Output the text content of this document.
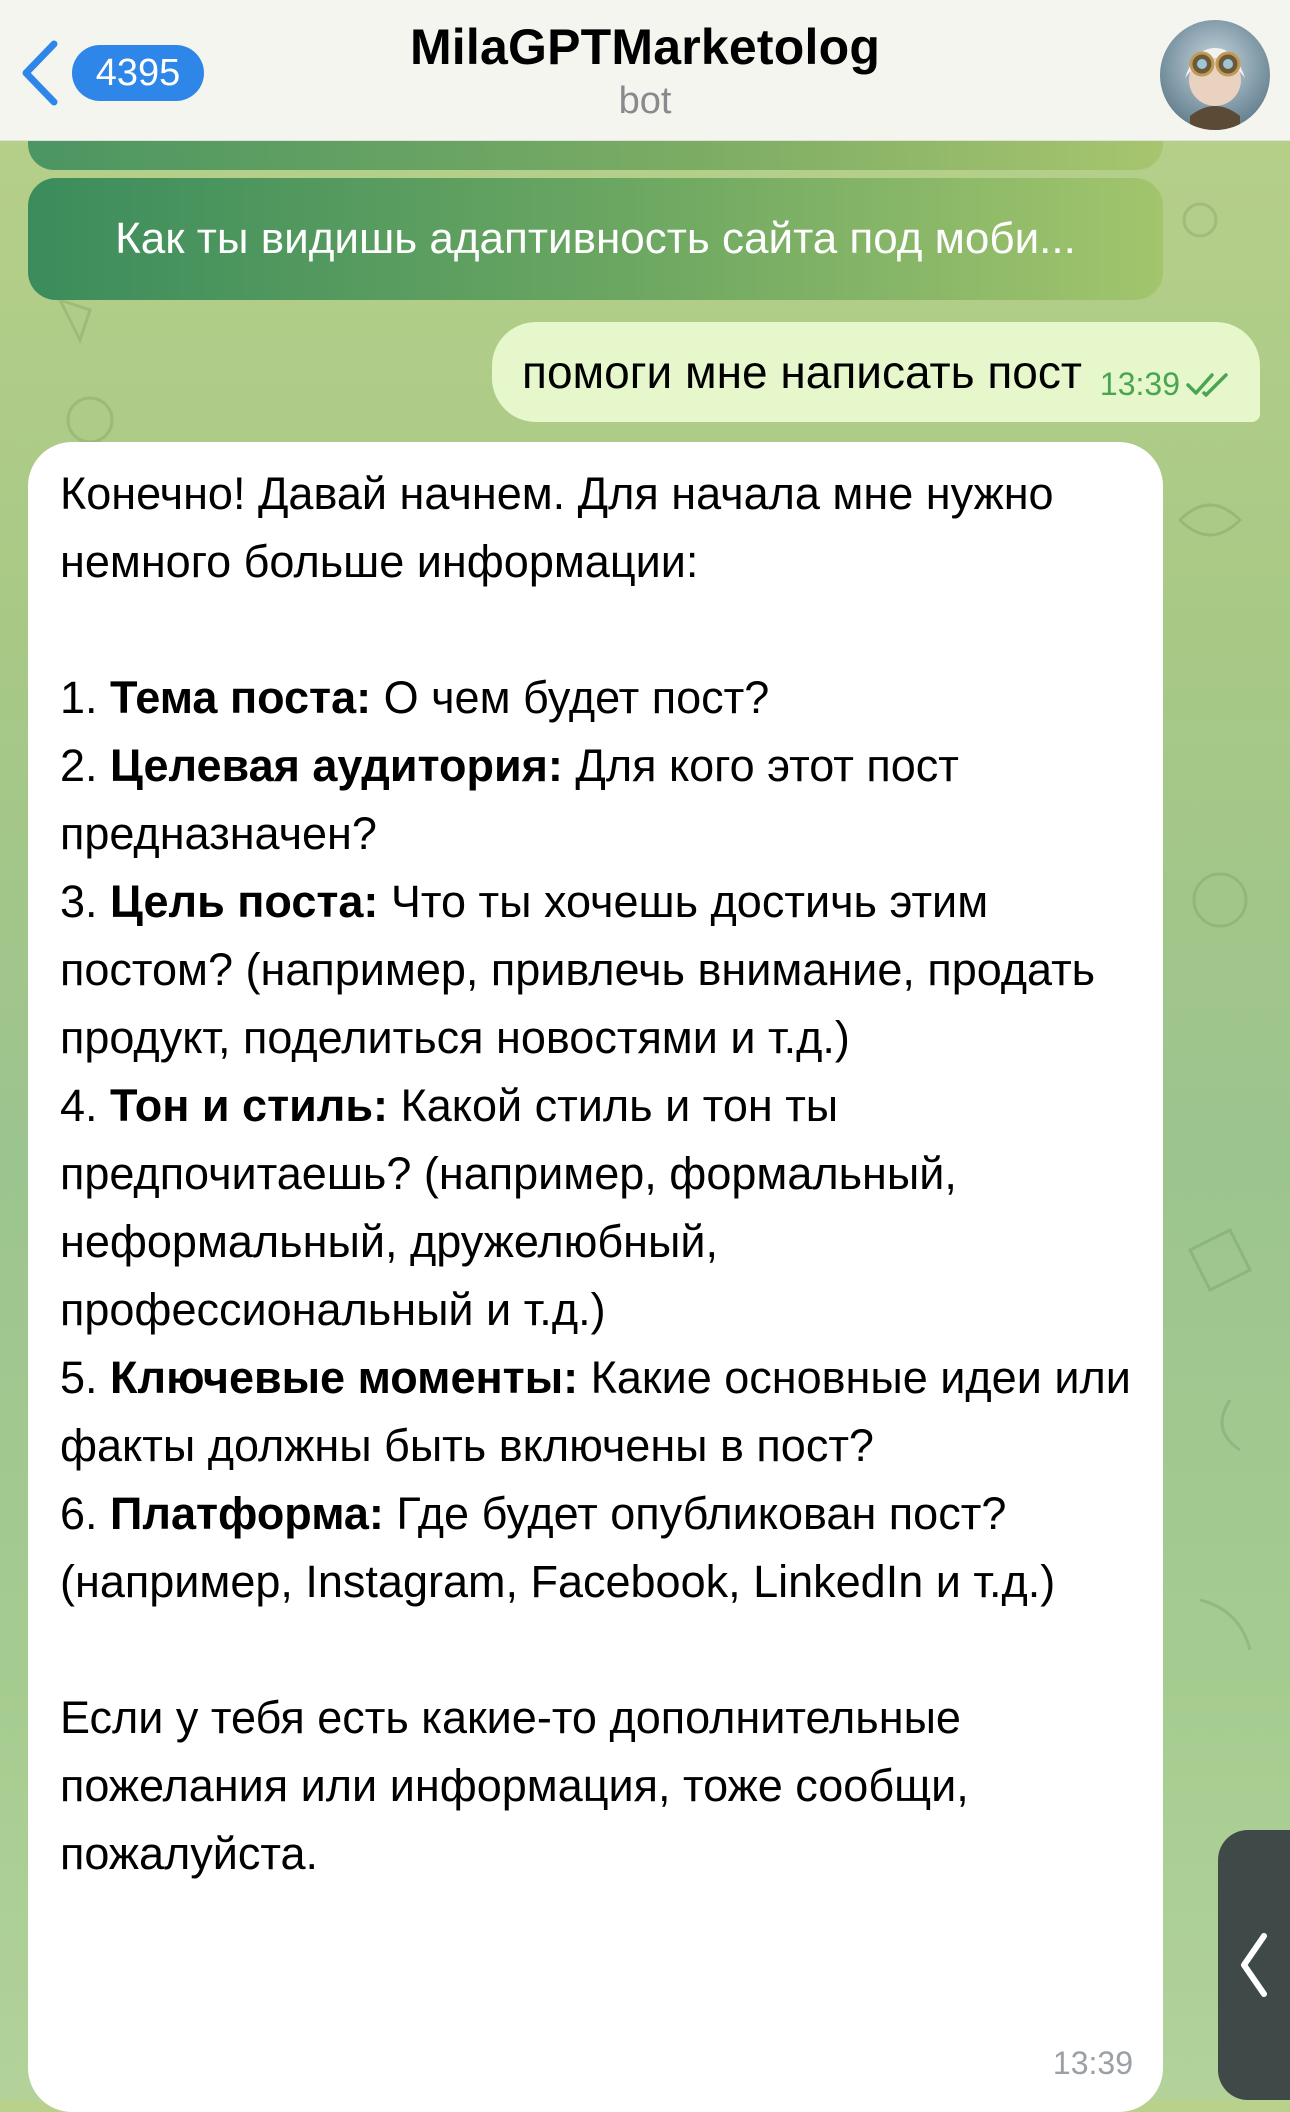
4395	MilaGPTMarketolog
bot
Как ты видишь адаптивность сайта под моби...
помоги мне написать пост 13:39

Конечно! Давай начнем. Для начала мне нужно немного больше информации:

1. Тема поста: О чем будет пост?

2. Целевая аудитория: Для кого этот пост предназначен?

3. Цель поста: Что ты хочешь достичь этим постом? (например, привлечь внимание, продать продукт, поделиться новостями и т.д.)

4. Тон и стиль: Какой стиль и тон ты предпочитаешь? (например, формальный, неформальный, дружелюбный, профессиональный и т.д.)

5. Ключевые моменты: Какие основные идеи или факты должны быть включены в пост?

6. Платформа: Где будет опубликован пост? (например, Instagram, Facebook, LinkedIn и т.д.)

Если у тебя есть какие-то дополнительные пожелания или информация, тоже сообщи, пожалуйста.

13:39
